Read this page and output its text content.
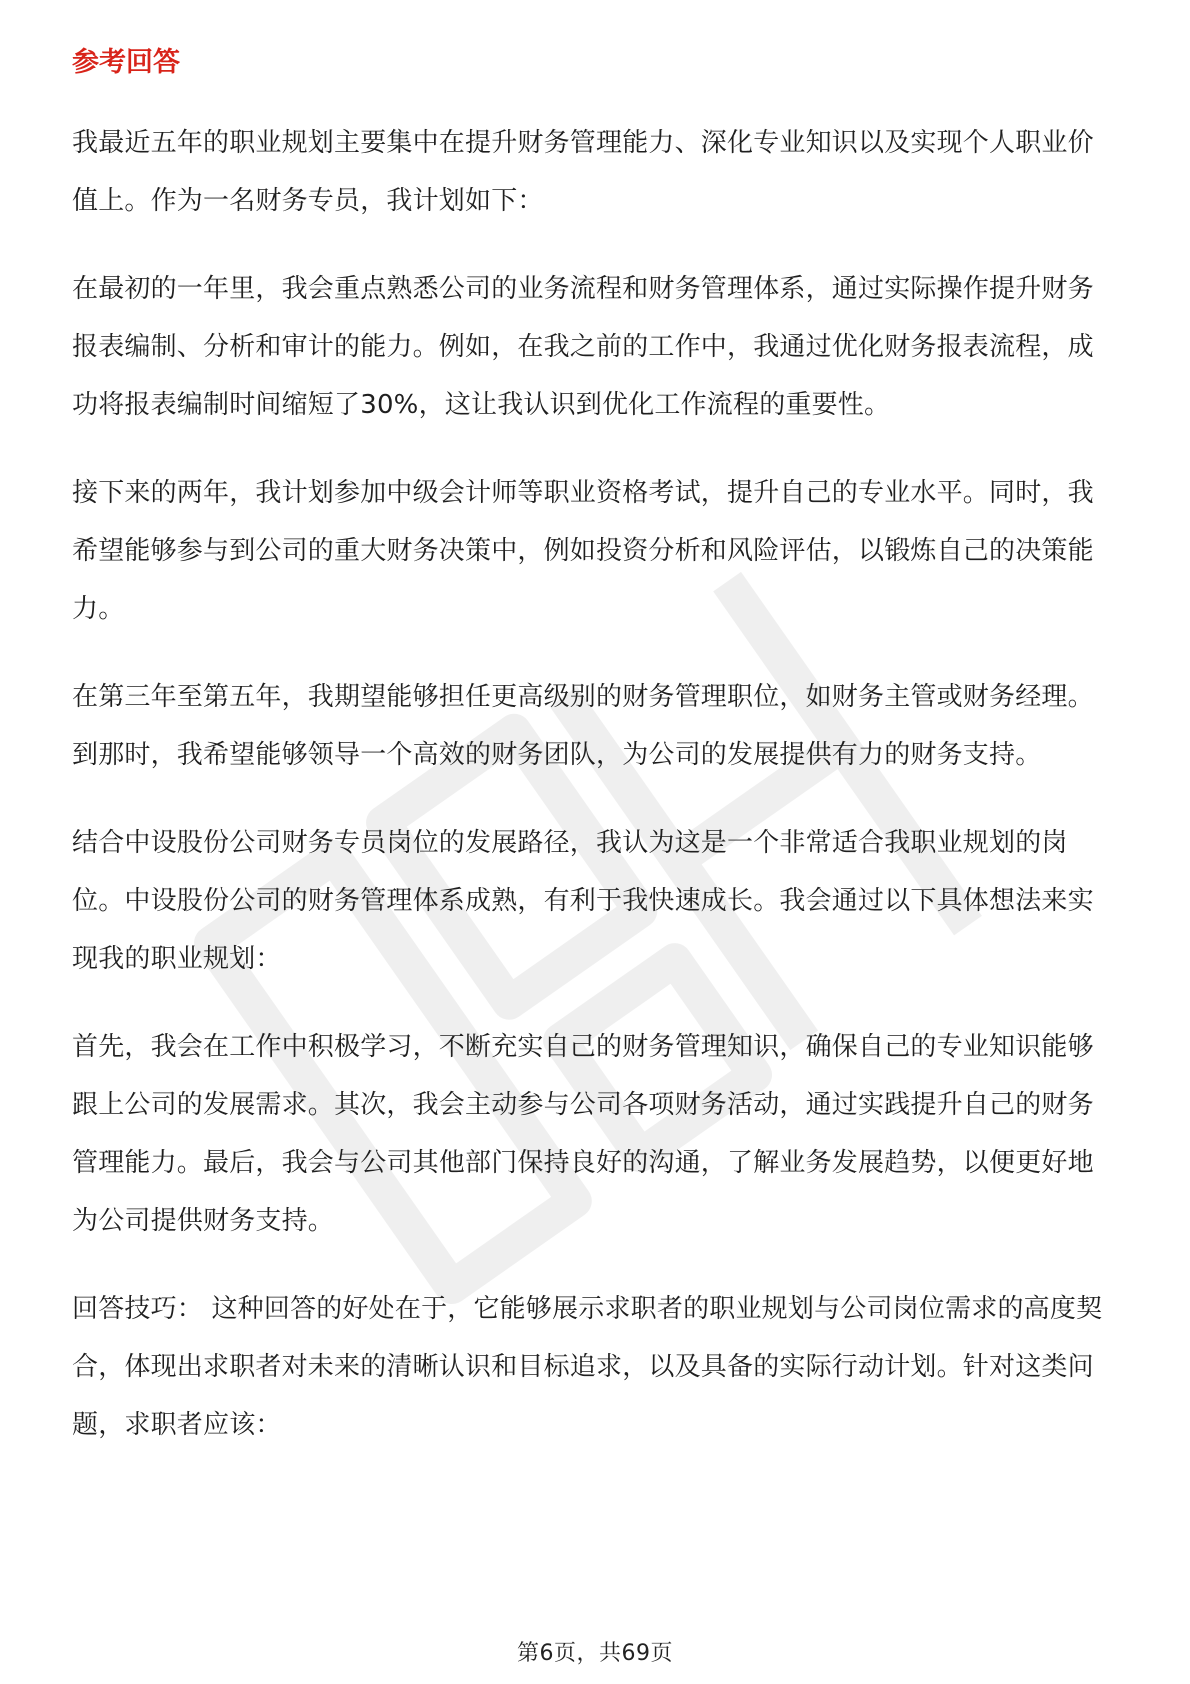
参考回答

我最近五年的职业规划主要集中在提升财务管理能力、深化专业知识以及实现个人职业价值上。作为一名财务专员，我计划如下：

在最初的一年里，我会重点熟悉公司的业务流程和财务管理体系，通过实际操作提升财务报表编制、分析和审计的能力。例如，在我之前的工作中，我通过优化财务报表流程，成功将报表编制时间缩短了30%，这让我认识到优化工作流程的重要性。

接下来的两年，我计划参加中级会计师等职业资格考试，提升自己的专业水平。同时，我希望能够参与到公司的重大财务决策中，例如投资分析和风险评估，以锻炼自己的决策能力。

在第三年至第五年，我期望能够担任更高级别的财务管理职位，如财务主管或财务经理。到那时，我希望能够领导一个高效的财务团队，为公司的发展提供有力的财务支持。

结合中设股份公司财务专员岗位的发展路径，我认为这是一个非常适合我职业规划的岗位。中设股份公司的财务管理体系成熟，有利于我快速成长。我会通过以下具体想法来实现我的职业规划：

首先，我会在工作中积极学习，不断充实自己的财务管理知识，确保自己的专业知识能够跟上公司的发展需求。其次，我会主动参与公司各项财务活动，通过实践提升自己的财务管理能力。最后，我会与公司其他部门保持良好的沟通，了解业务发展趋势，以便更好地为公司提供财务支持。

回答技巧： 这种回答的好处在于，它能够展示求职者的职业规划与公司岗位需求的高度契合，体现出求职者对未来的清晰认识和目标追求，以及具备的实际行动计划。针对这类问题，求职者应该：

第6页，共69页
